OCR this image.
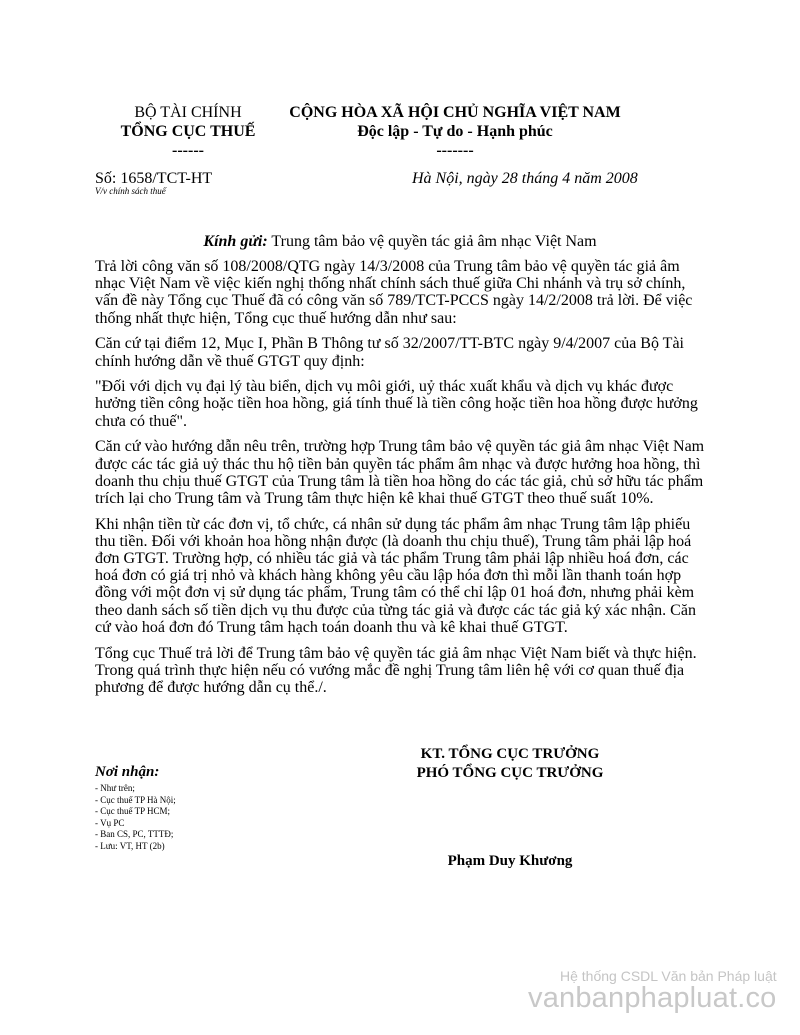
BỘ TÀI CHÍNH
TỔNG CỤC THUẾ
------
CỘNG HÒA XÃ HỘI CHỦ NGHĨA VIỆT NAM
Độc lập - Tự do - Hạnh phúc
-------
Số: 1658/TCT-HT
V/v chính sách thuế
Hà Nội, ngày 28 tháng 4 năm 2008
Kính gửi: Trung tâm bảo vệ quyền tác giả âm nhạc Việt Nam

Trả lời công văn số 108/2008/QTG ngày 14/3/2008 của Trung tâm bảo vệ quyền tác giả âm nhạc Việt Nam về việc kiến nghị thống nhất chính sách thuế giữa Chi nhánh và trụ sở chính, vấn đề này Tổng cục Thuế đã có công văn số 789/TCT-PCCS ngày 14/2/2008 trả lời. Để việc thống nhất thực hiện, Tổng cục thuế hướng dẫn như sau:

Căn cứ tại điểm 12, Mục I, Phần B Thông tư số 32/2007/TT-BTC ngày 9/4/2007 của Bộ Tài chính hướng dẫn về thuế GTGT quy định:

"Đối với dịch vụ đại lý tàu biển, dịch vụ môi giới, uỷ thác xuất khẩu và dịch vụ khác được hưởng tiền công hoặc tiền hoa hồng, giá tính thuế là tiền công hoặc tiền hoa hồng được hưởng chưa có thuế".

Căn cứ vào hướng dẫn nêu trên, trường hợp Trung tâm bảo vệ quyền tác giả âm nhạc Việt Nam được các tác giả uỷ thác thu hộ tiền bản quyền tác phẩm âm nhạc và được hưởng hoa hồng, thì doanh thu chịu thuế GTGT của Trung tâm là tiền hoa hồng do các tác giả, chủ sở hữu tác phẩm trích lại cho Trung tâm và Trung tâm thực hiện kê khai thuế GTGT theo thuế suất 10%.

Khi nhận tiền từ các đơn vị, tổ chức, cá nhân sử dụng tác phẩm âm nhạc Trung tâm lập phiếu thu tiền. Đối với khoản hoa hồng nhận được (là doanh thu chịu thuế), Trung tâm phải lập hoá đơn GTGT. Trường hợp, có nhiều tác giả và tác phẩm Trung tâm phải lập nhiều hoá đơn, các hoá đơn có giá trị nhỏ và khách hàng không yêu cầu lập hóa đơn thì mỗi lần thanh toán hợp đồng với một đơn vị sử dụng tác phẩm, Trung tâm có thể chỉ lập 01 hoá đơn, nhưng phải kèm theo danh sách số tiền dịch vụ thu được của từng tác giả và được các tác giả ký xác nhận. Căn cứ vào hoá đơn đó Trung tâm hạch toán doanh thu và kê khai thuế GTGT.

Tổng cục Thuế trả lời để Trung tâm bảo vệ quyền tác giả âm nhạc Việt Nam biết và thực hiện. Trong quá trình thực hiện nếu có vướng mắc đề nghị Trung tâm liên hệ với cơ quan thuế địa phương để được hướng dẫn cụ thể./.

KT. TỔNG CỤC TRƯỞNG
PHÓ TỔNG CỤC TRƯỞNG
Phạm Duy Khương
Nơi nhận:
- Như trên;
- Cục thuế TP Hà Nội;
- Cục thuế TP HCM;
- Vụ PC
- Ban CS, PC, TTTĐ;
- Lưu: VT, HT (2b)
Hệ thống CSDL Văn bản Pháp luật
vanbanphapluat.co
